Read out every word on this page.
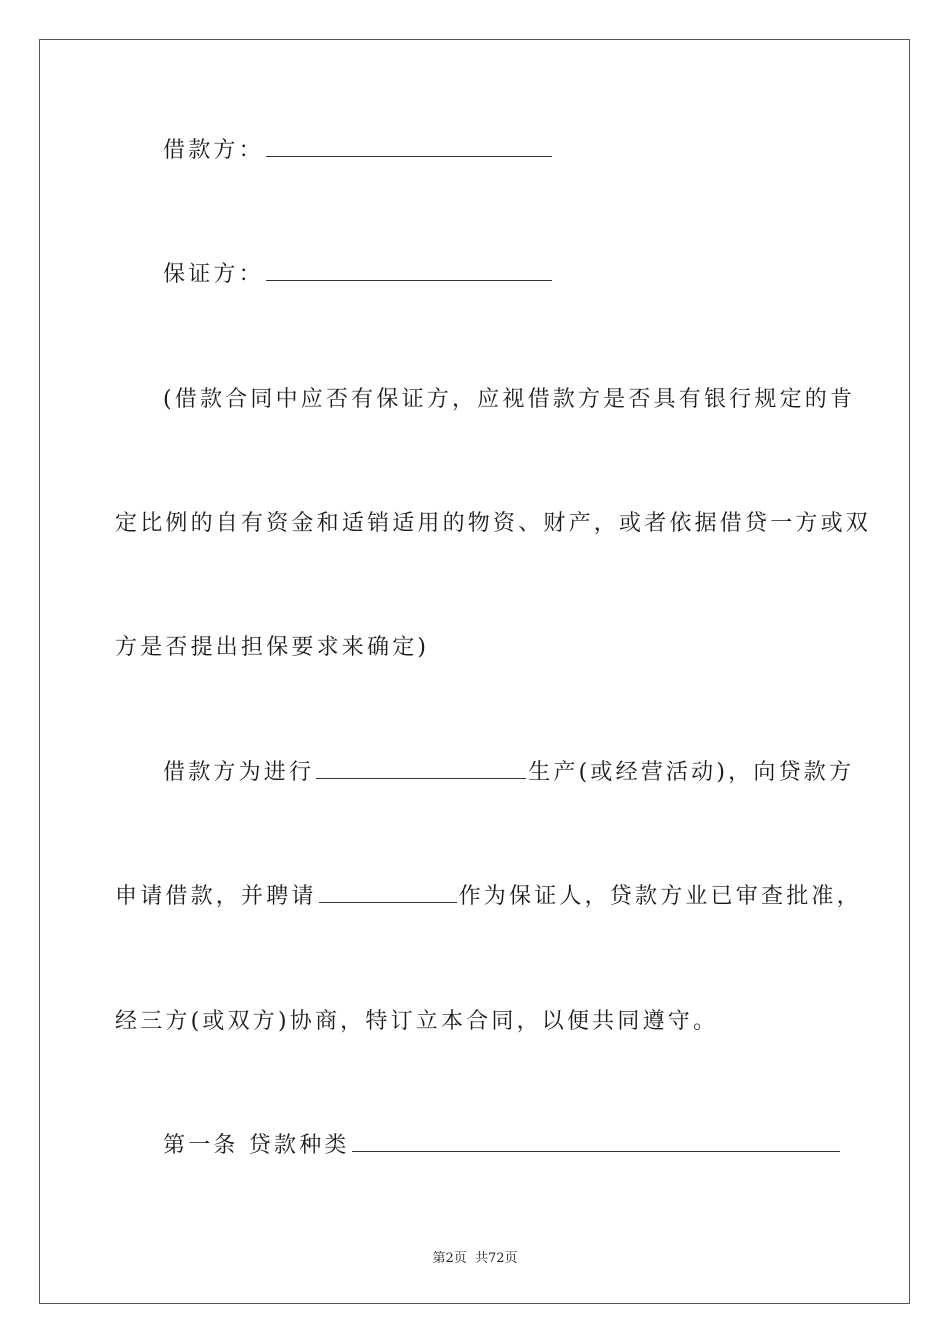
借款方：
保证方：
(借款合同中应否有保证方，应视借款方是否具有银行规定的肯
定比例的自有资金和适销适用的物资、财产，或者依据借贷一方或双
方是否提出担保要求来确定)
借款方为进行	生产(或经营活动)，向贷款方
申请借款，并聘请	作为保证人，贷款方业已审查批准，
经三方(或双方)协商，特订立本合同，以便共同遵守。
第一条 贷款种类
第2页 共72页
